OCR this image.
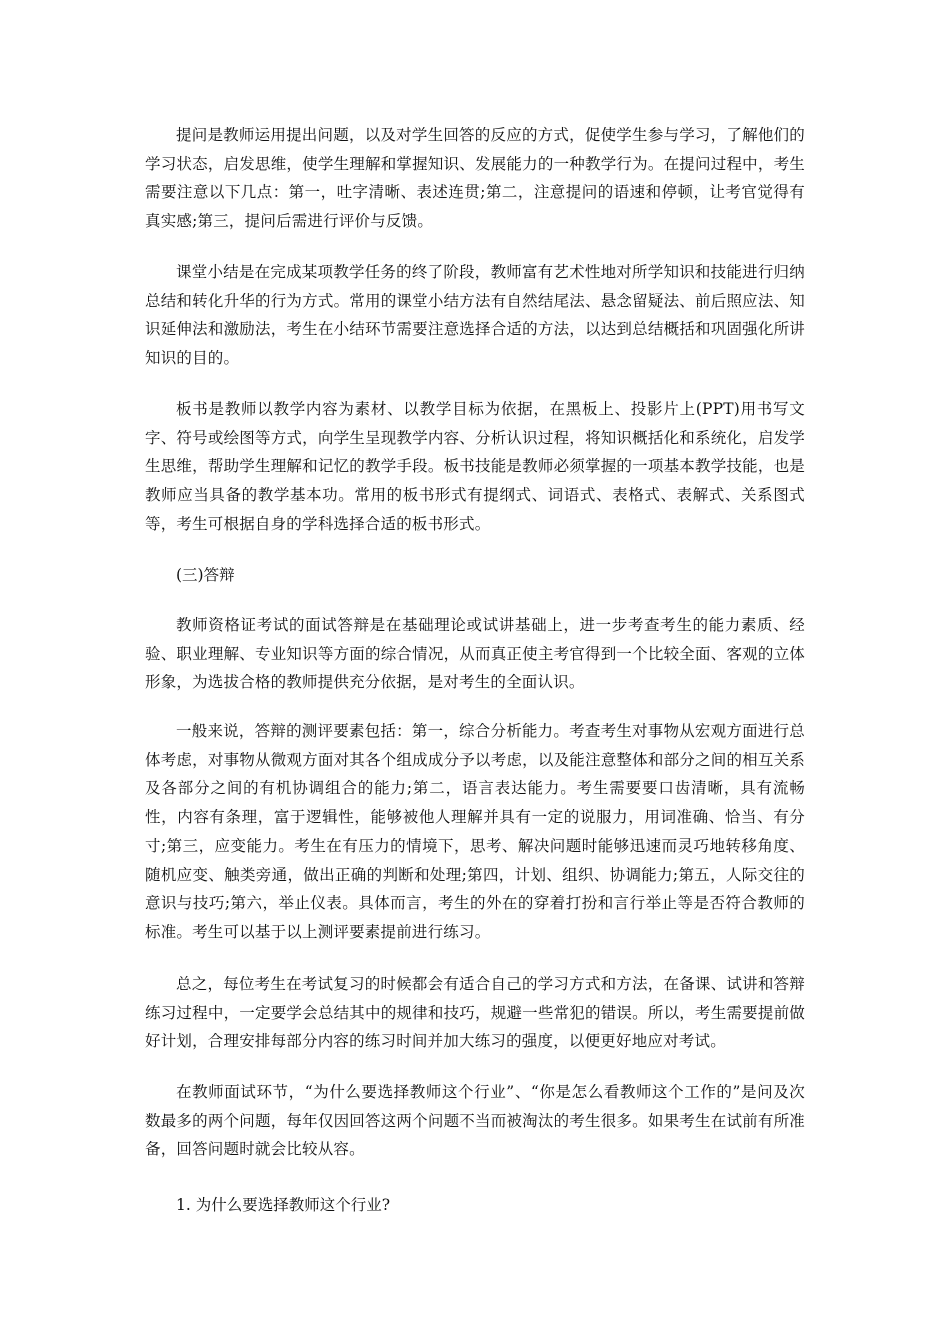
提问是教师运用提出问题，以及对学生回答的反应的方式，促使学生参与学习，了解他们的学习状态，启发思维，使学生理解和掌握知识、发展能力的一种教学行为。在提问过程中，考生需要注意以下几点：第一，吐字清晰、表述连贯;第二，注意提问的语速和停顿，让考官觉得有真实感;第三，提问后需进行评价与反馈。

课堂小结是在完成某项教学任务的终了阶段，教师富有艺术性地对所学知识和技能进行归纳总结和转化升华的行为方式。常用的课堂小结方法有自然结尾法、悬念留疑法、前后照应法、知识延伸法和激励法，考生在小结环节需要注意选择合适的方法，以达到总结概括和巩固强化所讲知识的目的。

板书是教师以教学内容为素材、以教学目标为依据，在黑板上、投影片上(PPT)用书写文字、符号或绘图等方式，向学生呈现教学内容、分析认识过程，将知识概括化和系统化，启发学生思维，帮助学生理解和记忆的教学手段。板书技能是教师必须掌握的一项基本教学技能，也是教师应当具备的教学基本功。常用的板书形式有提纲式、词语式、表格式、表解式、关系图式等，考生可根据自身的学科选择合适的板书形式。

(三)答辩

教师资格证考试的面试答辩是在基础理论或试讲基础上，进一步考查考生的能力素质、经验、职业理解、专业知识等方面的综合情况，从而真正使主考官得到一个比较全面、客观的立体形象，为选拔合格的教师提供充分依据，是对考生的全面认识。

一般来说，答辩的测评要素包括：第一，综合分析能力。考查考生对事物从宏观方面进行总体考虑，对事物从微观方面对其各个组成成分予以考虑，以及能注意整体和部分之间的相互关系及各部分之间的有机协调组合的能力;第二，语言表达能力。考生需要要口齿清晰，具有流畅性，内容有条理，富于逻辑性，能够被他人理解并具有一定的说服力，用词准确、恰当、有分寸;第三，应变能力。考生在有压力的情境下，思考、解决问题时能够迅速而灵巧地转移角度、随机应变、触类旁通，做出正确的判断和处理;第四，计划、组织、协调能力;第五，人际交往的意识与技巧;第六，举止仪表。具体而言，考生的外在的穿着打扮和言行举止等是否符合教师的标准。考生可以基于以上测评要素提前进行练习。

总之，每位考生在考试复习的时候都会有适合自己的学习方式和方法，在备课、试讲和答辩练习过程中，一定要学会总结其中的规律和技巧，规避一些常犯的错误。所以，考生需要提前做好计划，合理安排每部分内容的练习时间并加大练习的强度，以便更好地应对考试。

在教师面试环节，“为什么要选择教师这个行业”、“你是怎么看教师这个工作的”是问及次数最多的两个问题，每年仅因回答这两个问题不当而被淘汰的考生很多。如果考生在试前有所准备，回答问题时就会比较从容。

1. 为什么要选择教师这个行业?
